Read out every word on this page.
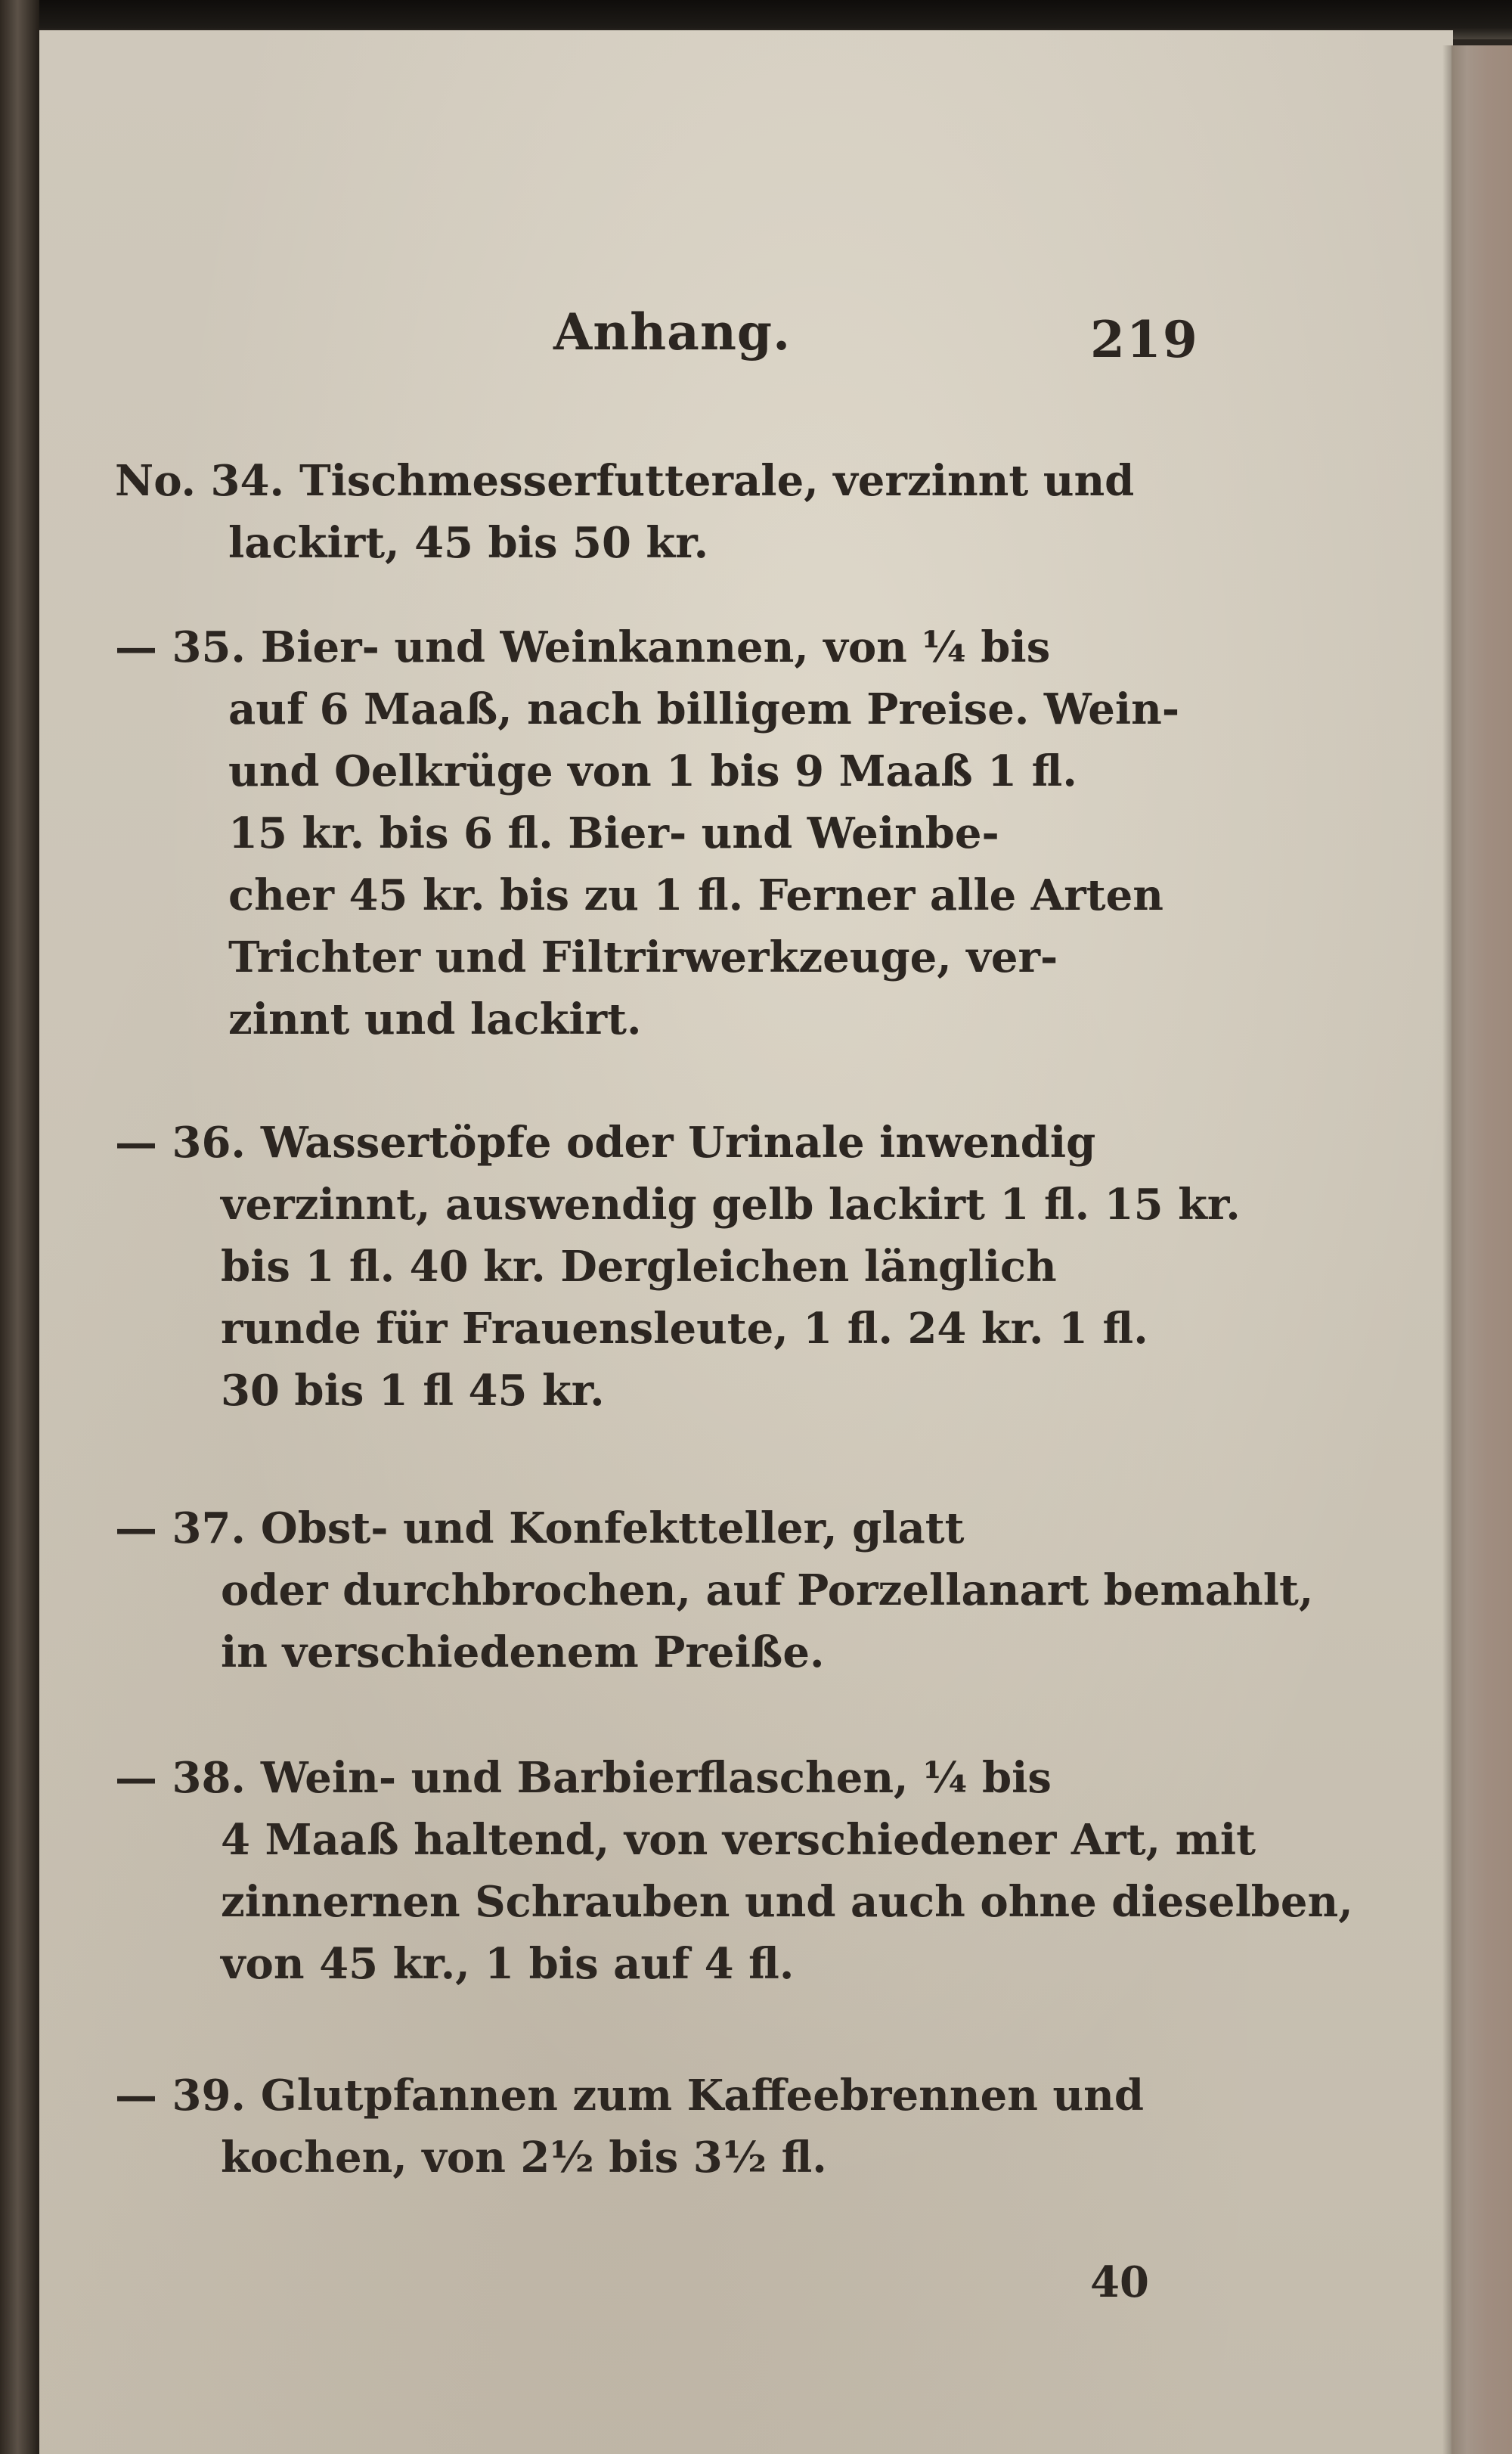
Anhang.	219
No. 34. Tischmesserfutterale, verzinnt und
lackirt, 45 bis 50 kr.
— 35. Bier- und Weinkannen, von ¼ bis
auf 6 Maaß, nach billigem Preise. Wein-
und Oelkrüge von 1 bis 9 Maaß 1 fl.
15 kr. bis 6 fl. Bier- und Weinbe-
cher 45 kr. bis zu 1 fl. Ferner alle Arten
Trichter und Filtrirwerkzeuge, ver-
zinnt und lackirt.
— 36. Wassertöpfe oder Urinale inwendig
verzinnt, auswendig gelb lackirt 1 fl. 15 kr.
bis 1 fl. 40 kr. Dergleichen länglich
runde für Frauensleute, 1 fl. 24 kr. 1 fl.
30 bis 1 fl 45 kr.
— 37. Obst- und Konfektteller, glatt
oder durchbrochen, auf Porzellanart bemahlt,
in verschiedenem Preiße.
— 38. Wein- und Barbierflaschen, ¼ bis
4 Maaß haltend, von verschiedener Art, mit
zinnernen Schrauben und auch ohne dieselben,
von 45 kr., 1 bis auf 4 fl.
— 39. Glutpfannen zum Kaffeebrennen und
kochen, von 2½ bis 3½ fl.
40
